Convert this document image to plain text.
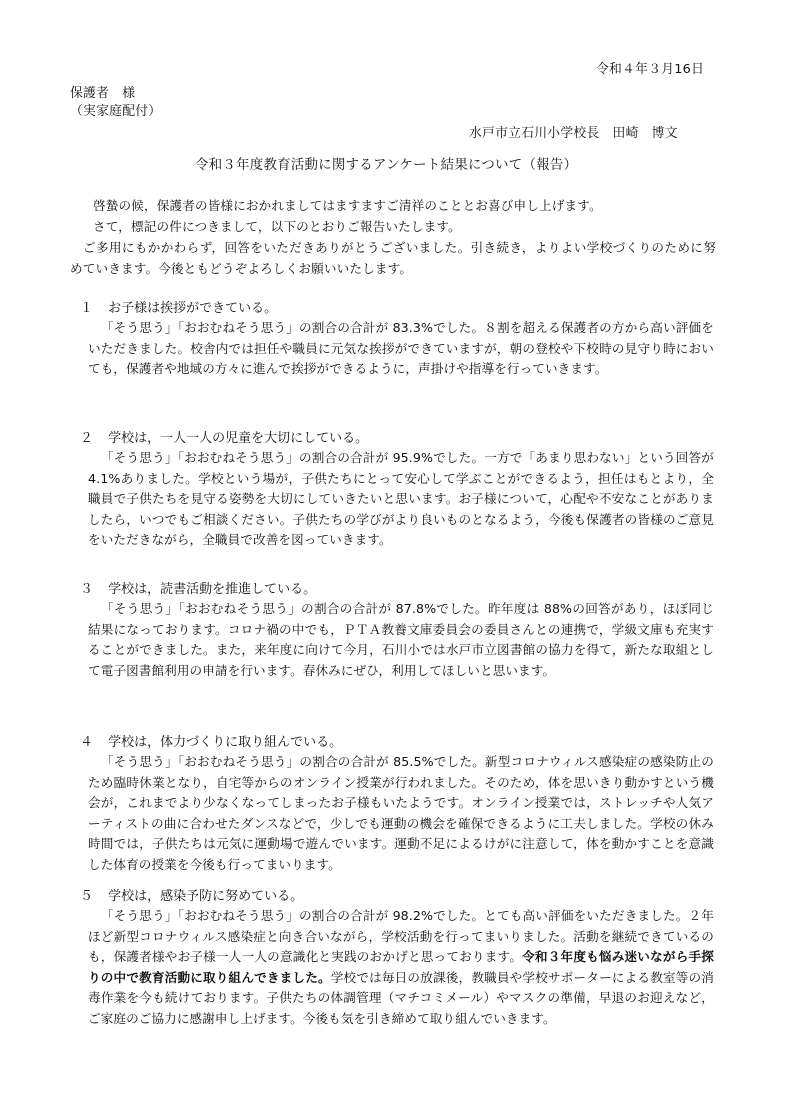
令和４年３月16日
保護者　様
（実家庭配付）
水戸市立石川小学校長　田崎　博文
令和３年度教育活動に関するアンケート結果について（報告）
啓蟄の候，保護者の皆様におかれましてはますますご清祥のこととお喜び申し上げます。
さて，標記の件につきまして，以下のとおりご報告いたします。
ご多用にもかかわらず，回答をいただきありがとうございました。引き続き，よりよい学校づくりのために努めていきます。今後ともどうぞよろしくお願いいたします。
１ お子様は挨拶ができている。
「そう思う」「おおむねそう思う」の割合の合計が 83.3%でした。８割を超える保護者の方から高い評価をいただきました。校舎内では担任や職員に元気な挨拶ができていますが，朝の登校や下校時の見守り時においても，保護者や地域の方々に進んで挨拶ができるように，声掛けや指導を行っていきます。
２ 学校は，一人一人の児童を大切にしている。
「そう思う」「おおむねそう思う」の割合の合計が 95.9%でした。一方で「あまり思わない」という回答が 4.1%ありました。学校という場が，子供たちにとって安心して学ぶことができるよう，担任はもとより，全職員で子供たちを見守る姿勢を大切にしていきたいと思います。お子様について，心配や不安なことがありましたら，いつでもご相談ください。子供たちの学びがより良いものとなるよう，今後も保護者の皆様のご意見をいただきながら，全職員で改善を図っていきます。
３ 学校は，読書活動を推進している。
「そう思う」「おおむねそう思う」の割合の合計が 87.8%でした。昨年度は 88%の回答があり，ほぼ同じ結果になっております。コロナ禍の中でも，ＰＴＡ教養文庫委員会の委員さんとの連携で，学級文庫も充実することができました。また，来年度に向けて今月，石川小では水戸市立図書館の協力を得て，新たな取組として電子図書館利用の申請を行います。春休みにぜひ，利用してほしいと思います。
４ 学校は，体力づくりに取り組んでいる。
「そう思う」「おおむねそう思う」の割合の合計が 85.5%でした。新型コロナウィルス感染症の感染防止のため臨時休業となり，自宅等からのオンライン授業が行われました。そのため，体を思いきり動かすという機会が，これまでより少なくなってしまったお子様もいたようです。オンライン授業では，ストレッチや人気アーティストの曲に合わせたダンスなどで，少しでも運動の機会を確保できるように工夫しました。学校の休み時間では，子供たちは元気に運動場で遊んでいます。運動不足によるけがに注意して，体を動かすことを意識した体育の授業を今後も行ってまいります。
５ 学校は，感染予防に努めている。
「そう思う」「おおむねそう思う」の割合の合計が 98.2%でした。とても高い評価をいただきました。２年ほど新型コロナウィルス感染症と向き合いながら，学校活動を行ってまいりました。活動を継続できているのも，保護者様やお子様一人一人の意識化と実践のおかげと思っております。令和３年度も悩み迷いながら手探りの中で教育活動に取り組んできました。学校では毎日の放課後，教職員や学校サポーターによる教室等の消毒作業を今も続けております。子供たちの体調管理（マチコミメール）やマスクの準備，早退のお迎えなど，ご家庭のご協力に感謝申し上げます。今後も気を引き締めて取り組んでいきます。
